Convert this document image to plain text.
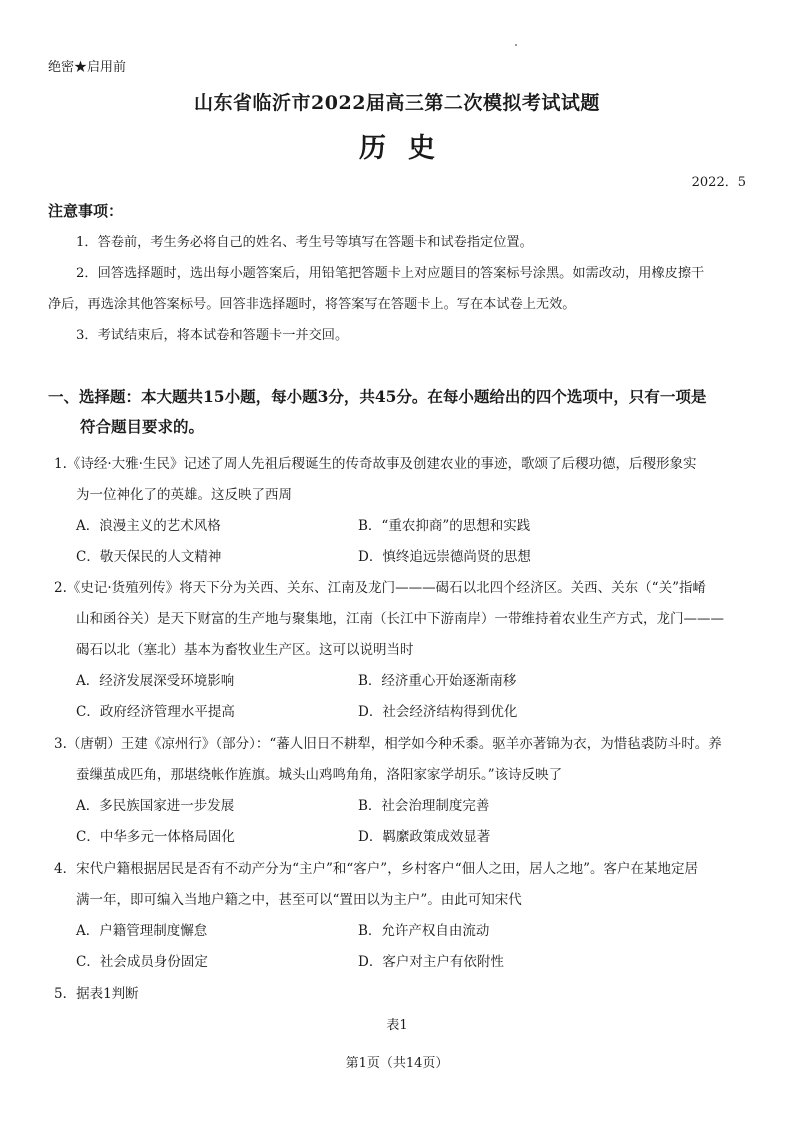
绝密★启用前
山东省临沂市2022届高三第二次模拟考试试题
历史
2022．5
注意事项：
1．答卷前，考生务必将自己的姓名、考生号等填写在答题卡和试卷指定位置。
2．回答选择题时，选出每小题答案后，用铅笔把答题卡上对应题目的答案标号涂黑。如需改动，用橡皮擦干
净后，再选涂其他答案标号。回答非选择题时，将答案写在答题卡上。写在本试卷上无效。
3．考试结束后，将本试卷和答题卡一并交回。
一、选择题：本大题共15小题，每小题3分，共45分。在每小题给出的四个选项中，只有一项是
符合题目要求的。
1.《诗经·大雅·生民》记述了周人先祖后稷诞生的传奇故事及创建农业的事迹，歌颂了后稷功德，后稷形象实
为一位神化了的英雄。这反映了西周
A．浪漫主义的艺术风格	B．“重农抑商”的思想和实践
C．敬天保民的人文精神	D．慎终追远崇德尚贤的思想
2.《史记·货殖列传》将天下分为关西、关东、江南及龙门———碣石以北四个经济区。关西、关东（“关”指崤
山和函谷关）是天下财富的生产地与聚集地，江南（长江中下游南岸）一带维持着农业生产方式，龙门———
碣石以北（塞北）基本为畜牧业生产区。这可以说明当时
A．经济发展深受环境影响	B．经济重心开始逐渐南移
C．政府经济管理水平提高	D．社会经济结构得到优化
3.（唐朝）王建《凉州行》（部分）：“蕃人旧日不耕犁，相学如今种禾黍。驱羊亦著锦为衣，为惜毡裘防斗时。养
蚕缫茧成匹角，那堪绕帐作旌旗。城头山鸡鸣角角，洛阳家家学胡乐。”该诗反映了
A．多民族国家进一步发展	B．社会治理制度完善
C．中华多元一体格局固化	D．羁縻政策成效显著
4．宋代户籍根据居民是否有不动产分为“主户”和“客户”，乡村客户“佃人之田，居人之地”。客户在某地定居
满一年，即可编入当地户籍之中，甚至可以“置田以为主户”。由此可知宋代
A．户籍管理制度懈怠	B．允许产权自由流动
C．社会成员身份固定	D．客户对主户有依附性
5．据表1判断
表1
第1页（共14页）
